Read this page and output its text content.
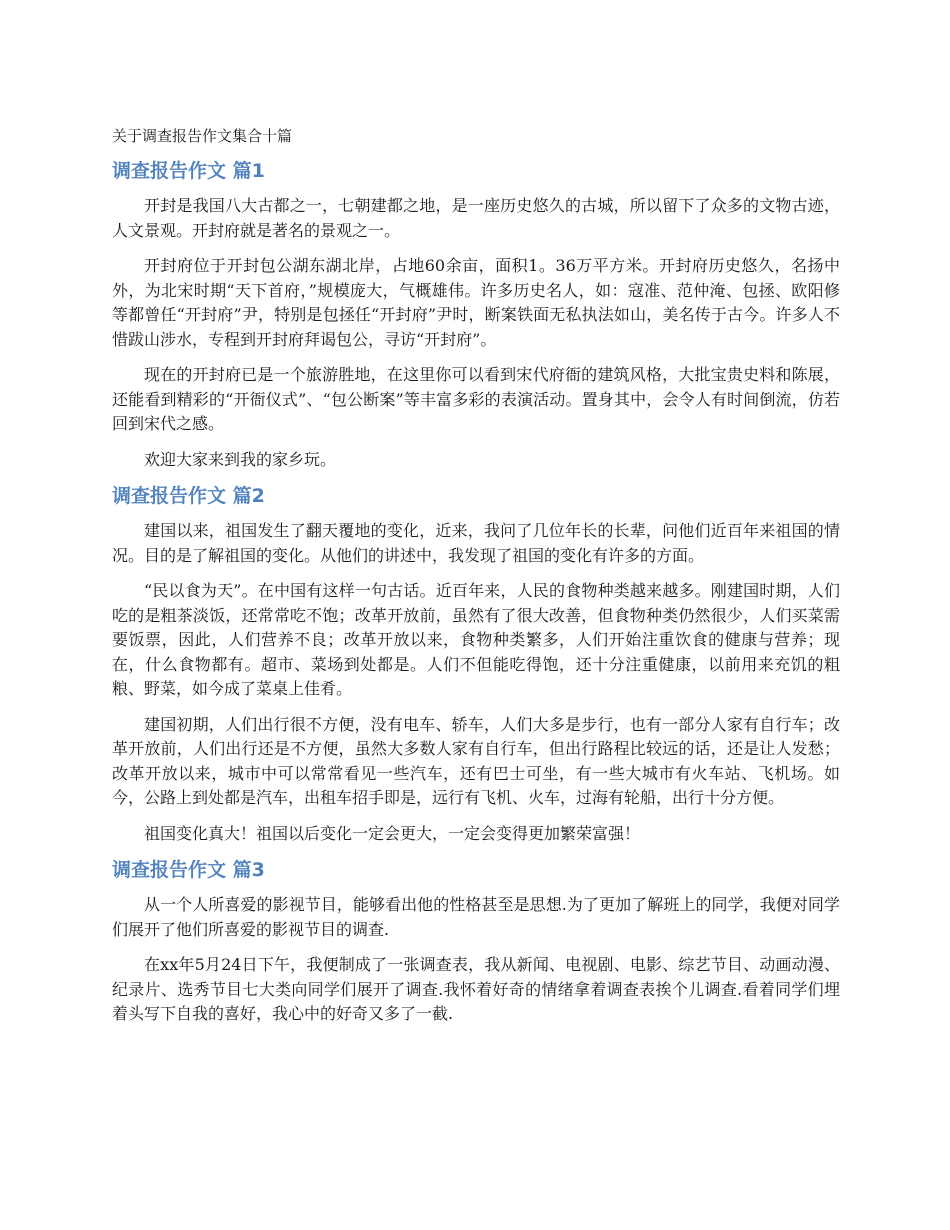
关于调查报告作文集合十篇
调查报告作文 篇1

开封是我国八大古都之一，七朝建都之地，是一座历史悠久的古城，所以留下了众多的文物古迹，人文景观。开封府就是著名的景观之一。

开封府位于开封包公湖东湖北岸，占地60余亩，面积1。36万平方米。开封府历史悠久，名扬中外，为北宋时期“天下首府，”规模庞大，气概雄伟。许多历史名人，如：寇准、范仲淹、包拯、欧阳修等都曾任“开封府”尹，特别是包拯任“开封府”尹时，断案铁面无私执法如山，美名传于古今。许多人不惜跋山涉水，专程到开封府拜谒包公，寻访“开封府”。

现在的开封府已是一个旅游胜地，在这里你可以看到宋代府衙的建筑风格，大批宝贵史料和陈展，还能看到精彩的“开衙仪式”、“包公断案”等丰富多彩的表演活动。置身其中，会令人有时间倒流，仿若回到宋代之感。

欢迎大家来到我的家乡玩。

调查报告作文 篇2

建国以来，祖国发生了翻天覆地的变化，近来，我问了几位年长的长辈，问他们近百年来祖国的情况。目的是了解祖国的变化。从他们的讲述中，我发现了祖国的变化有许多的方面。

“民以食为天”。在中国有这样一句古话。近百年来，人民的食物种类越来越多。刚建国时期，人们吃的是粗茶淡饭，还常常吃不饱；改革开放前，虽然有了很大改善，但食物种类仍然很少，人们买菜需要饭票，因此，人们营养不良；改革开放以来，食物种类繁多，人们开始注重饮食的健康与营养；现在，什么食物都有。超市、菜场到处都是。人们不但能吃得饱，还十分注重健康，以前用来充饥的粗粮、野菜，如今成了菜桌上佳肴。

建国初期，人们出行很不方便，没有电车、轿车，人们大多是步行，也有一部分人家有自行车；改革开放前，人们出行还是不方便，虽然大多数人家有自行车，但出行路程比较远的话，还是让人发愁；改革开放以来，城市中可以常常看见一些汽车，还有巴士可坐，有一些大城市有火车站、飞机场。如今，公路上到处都是汽车，出租车招手即是，远行有飞机、火车，过海有轮船，出行十分方便。

祖国变化真大！祖国以后变化一定会更大，一定会变得更加繁荣富强！

调查报告作文 篇3

从一个人所喜爱的影视节目，能够看出他的性格甚至是思想.为了更加了解班上的同学，我便对同学们展开了他们所喜爱的影视节目的调查.

在xx年5月24日下午，我便制成了一张调查表，我从新闻、电视剧、电影、综艺节目、动画动漫、纪录片、选秀节目七大类向同学们展开了调查.我怀着好奇的情绪拿着调查表挨个儿调查.看着同学们埋着头写下自我的喜好，我心中的好奇又多了一截.
